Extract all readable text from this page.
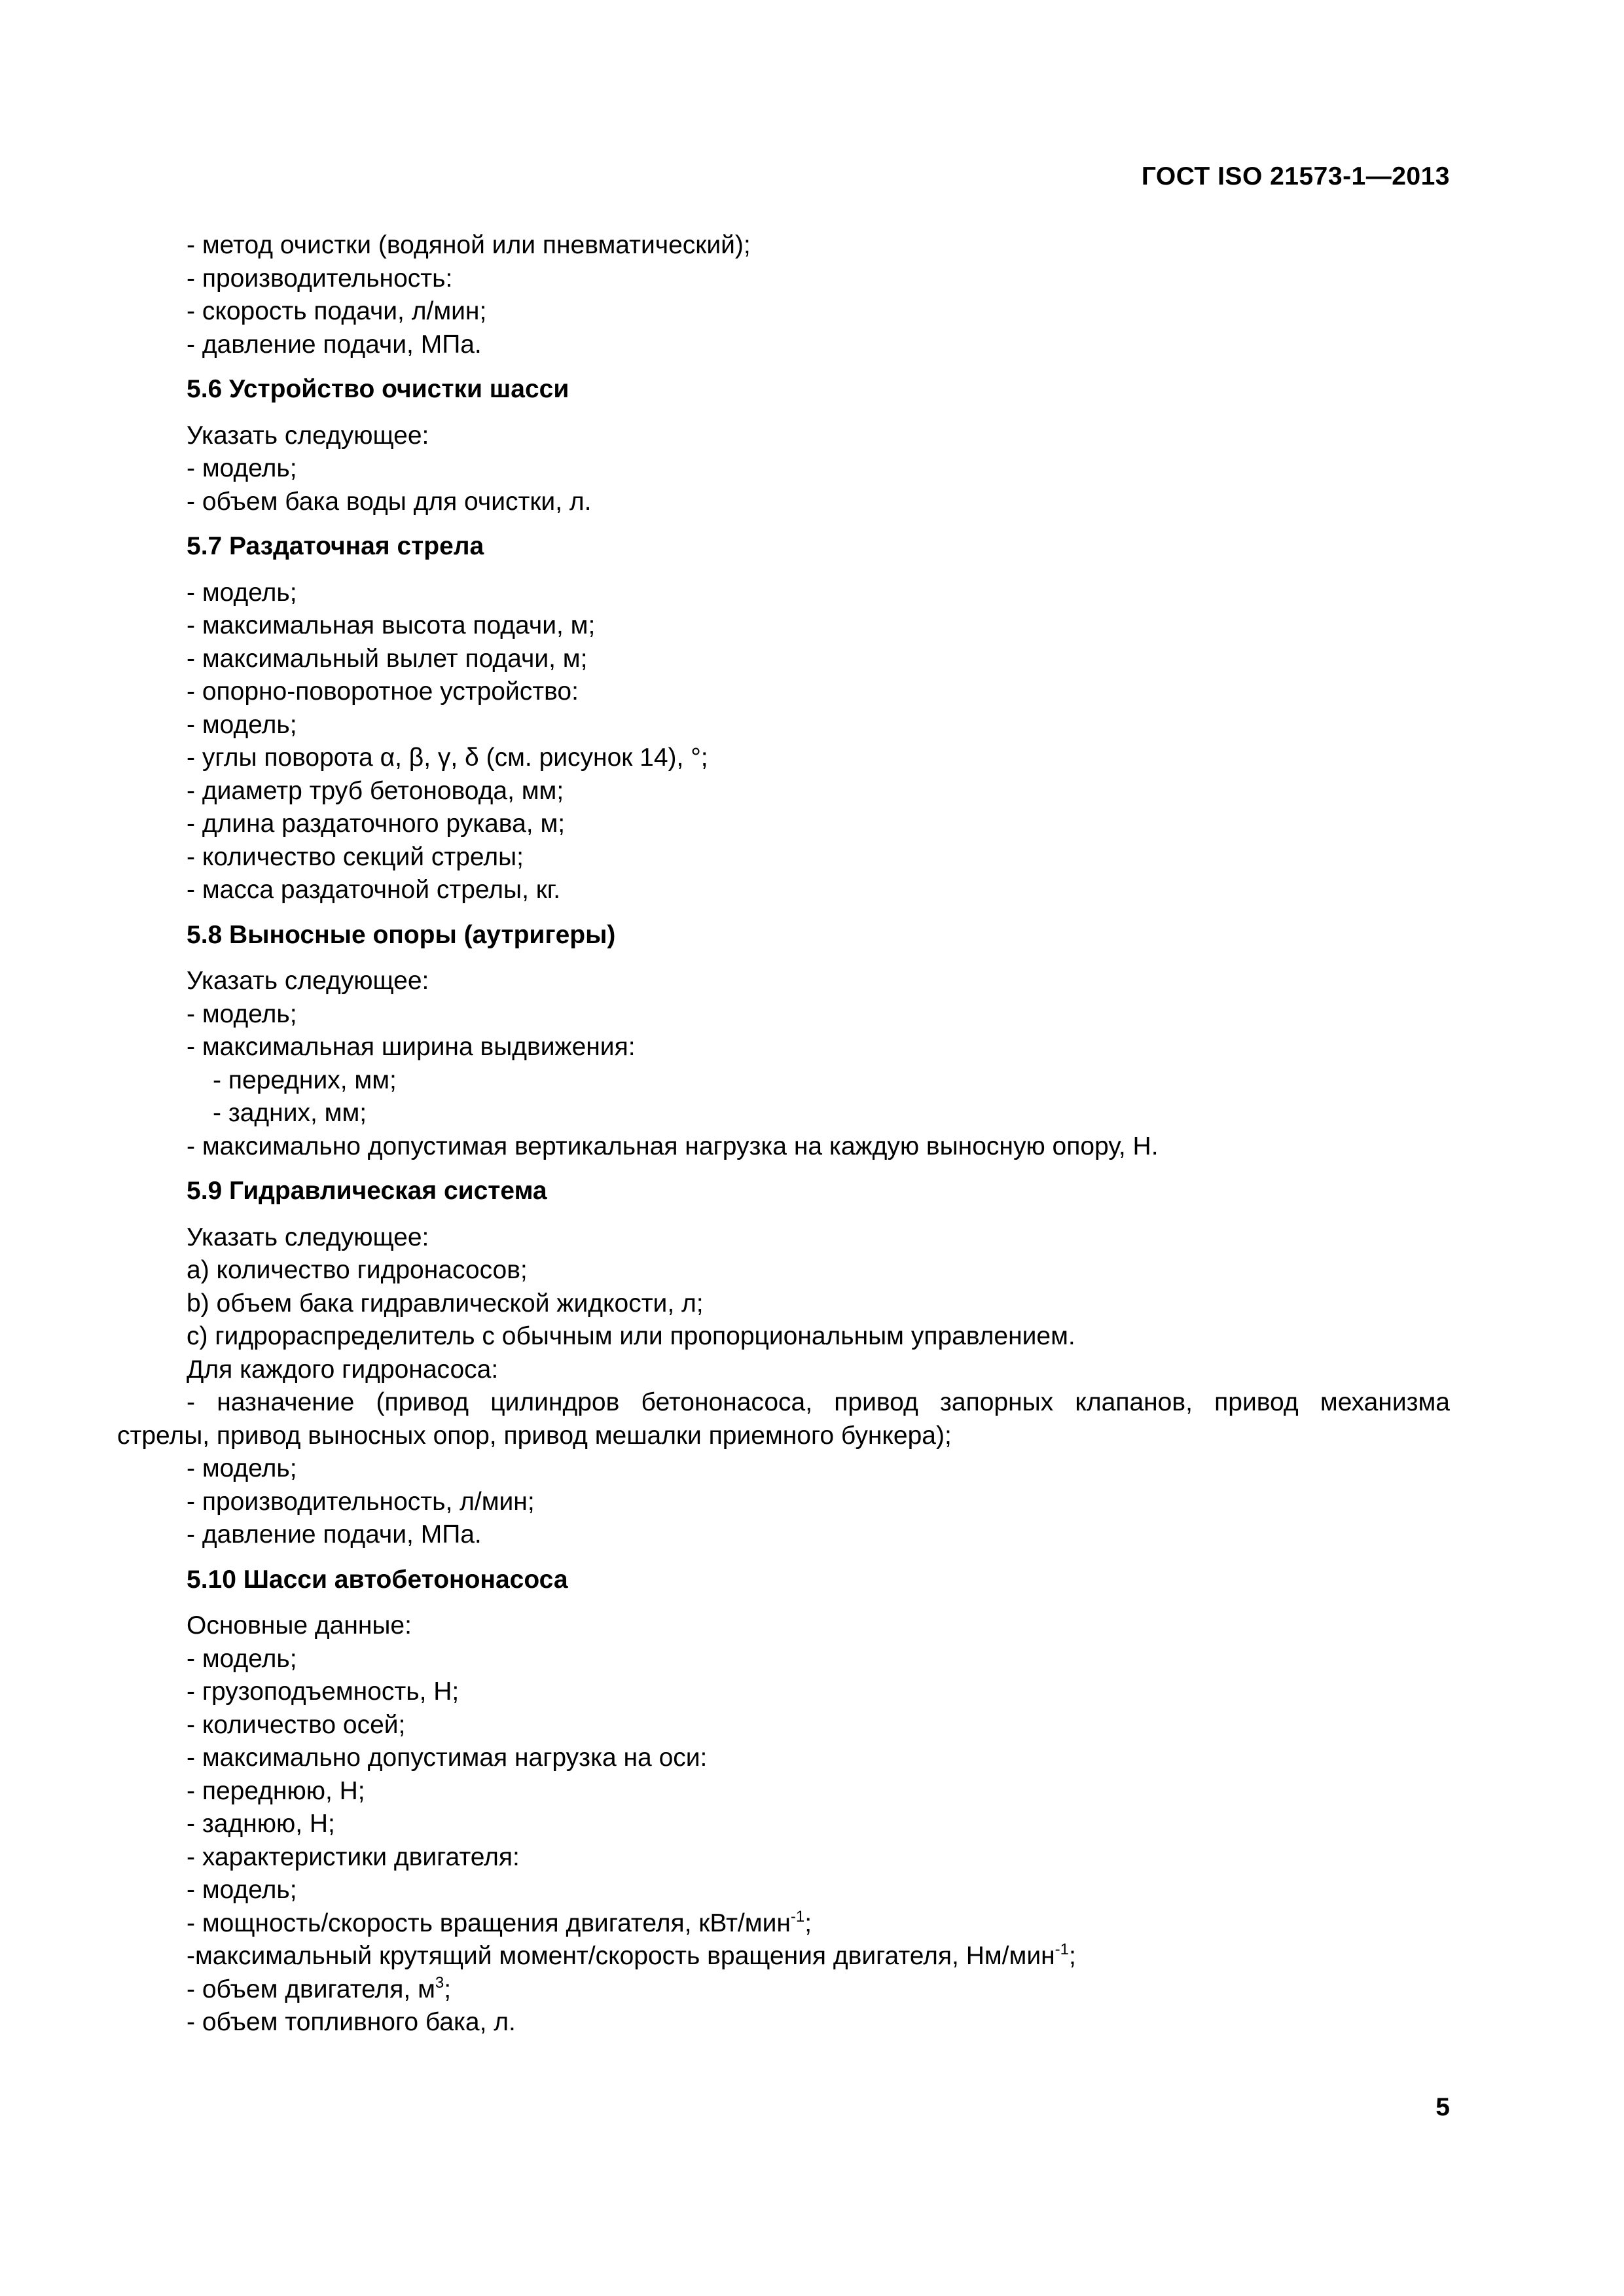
ГОСТ ISO 21573-1—2013
- метод очистки (водяной или пневматический);
- производительность:
- скорость подачи, л/мин;
- давление подачи, МПа.
5.6 Устройство очистки шасси
Указать следующее:
- модель;
- объем бака воды для очистки, л.
5.7 Раздаточная стрела
- модель;
- максимальная высота подачи, м;
- максимальный вылет подачи, м;
- опорно-поворотное устройство:
- модель;
- углы поворота α, β, γ, δ (см. рисунок 14), °;
- диаметр труб бетоновода, мм;
- длина раздаточного рукава, м;
- количество секций стрелы;
- масса раздаточной стрелы, кг.
5.8 Выносные опоры (аутригеры)
Указать следующее:
- модель;
- максимальная ширина выдвижения:
- передних, мм;
- задних, мм;
- максимально допустимая вертикальная нагрузка на каждую выносную опору, Н.
5.9 Гидравлическая система
Указать следующее:
a) количество гидронасосов;
b) объем бака гидравлической жидкости, л;
c) гидрораспределитель с обычным или пропорциональным управлением.
Для каждого гидронасоса:
- назначение (привод цилиндров бетононасоса, привод запорных клапанов, привод механизма
стрелы, привод выносных опор, привод мешалки приемного бункера);
- модель;
- производительность, л/мин;
- давление подачи, МПа.
5.10 Шасси автобетононасоса
Основные данные:
- модель;
- грузоподъемность, Н;
- количество осей;
- максимально допустимая нагрузка на оси:
- переднюю, Н;
- заднюю, Н;
- характеристики двигателя:
- модель;
- мощность/скорость вращения двигателя, кВт/мин$^{-1}$;
-максимальный крутящий момент/скорость вращения двигателя, Нм/мин$^{-1}$;
- объем двигателя, $м^3$;
- объем топливного бака, л.
5
